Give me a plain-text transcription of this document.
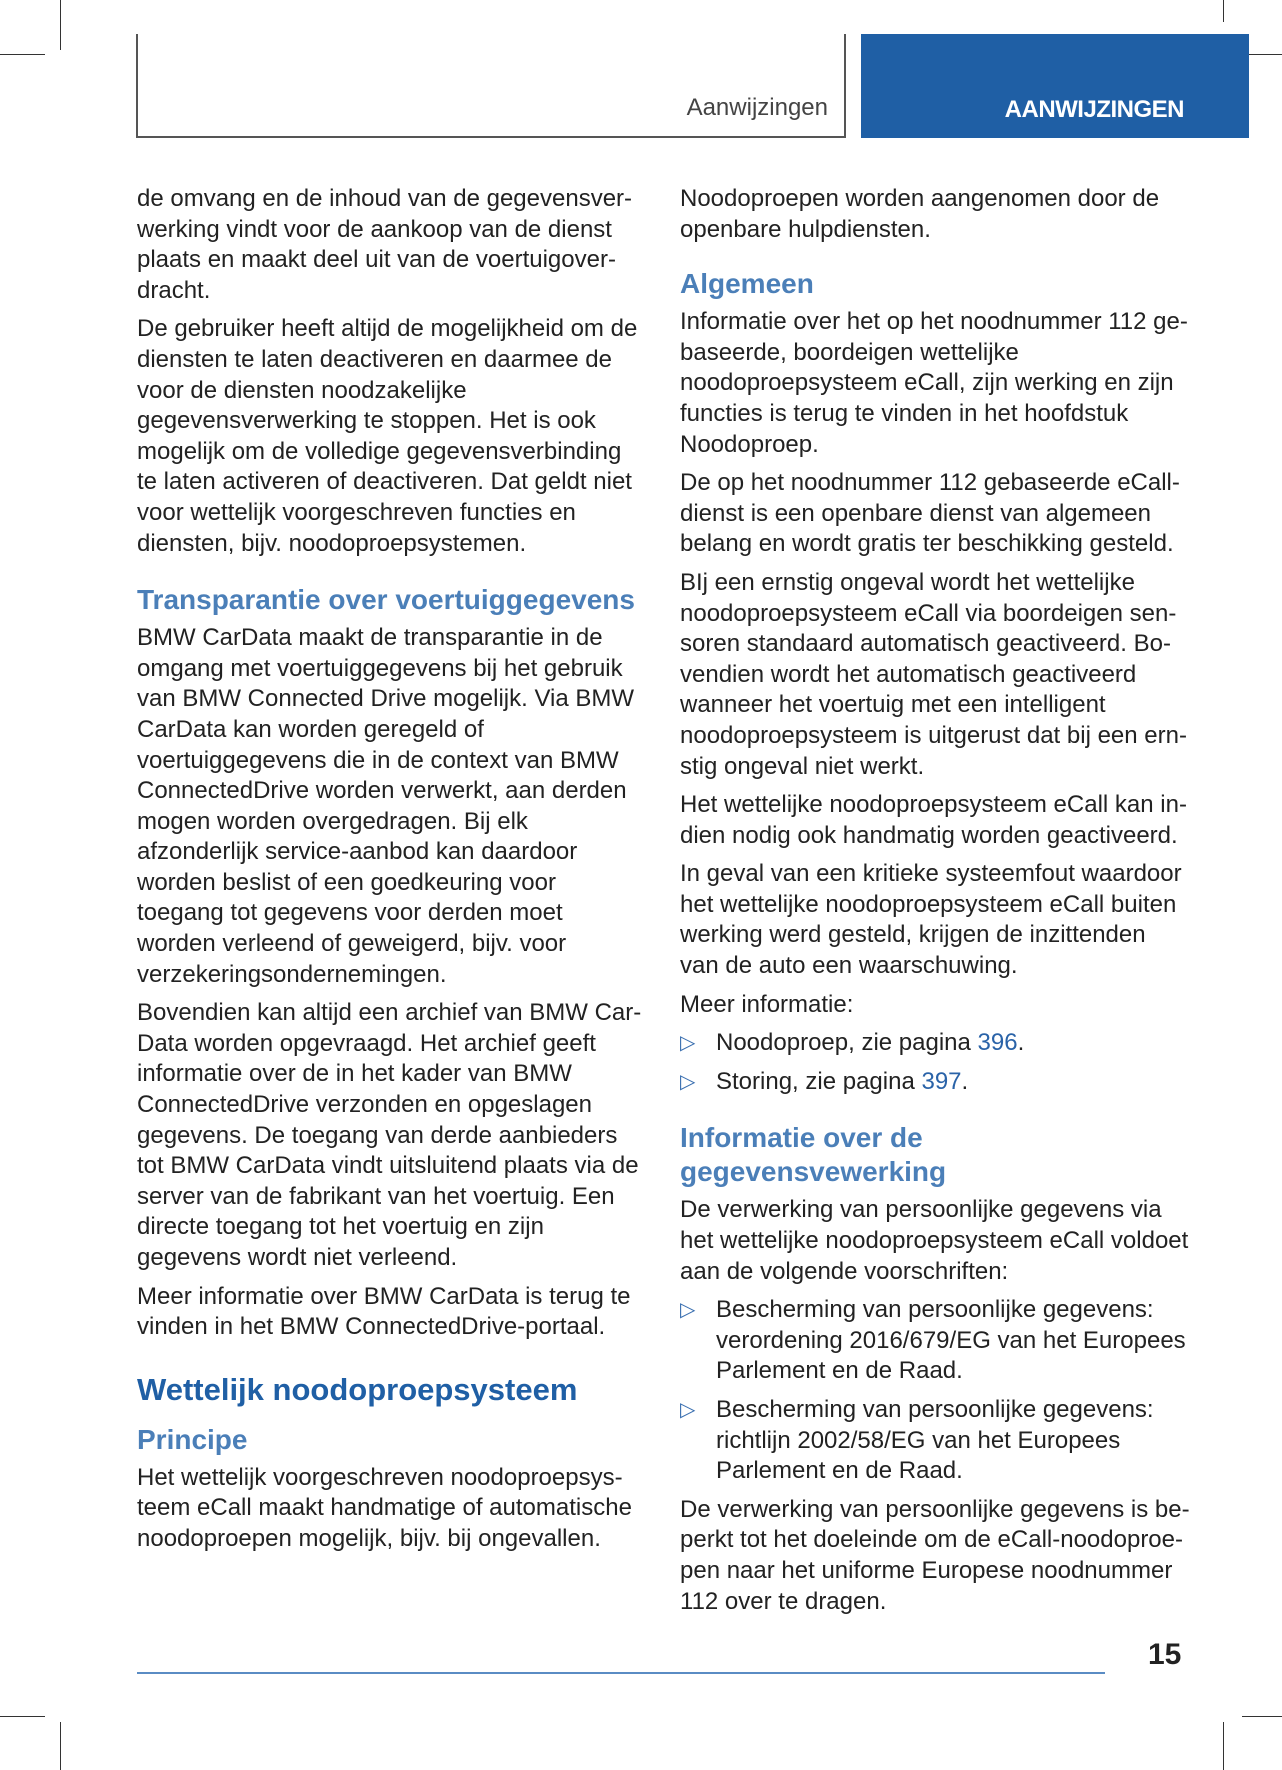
Aanwijzingen	AANWIJZINGEN

de omvang en de inhoud van de gegevensverwerking vindt voor de aankoop van de dienst plaats en maakt deel uit van de voertuigoverdracht.

De gebruiker heeft altijd de mogelijkheid om de diensten te laten deactiveren en daarmee de voor de diensten noodzakelijke gegevensverwerking te stoppen. Het is ook mogelijk om de volledige gegevensverbinding te laten activeren of deactiveren. Dat geldt niet voor wettelijk voorgeschreven functies en diensten, bijv. noodoproepsystemen.

Transparantie over voertuiggegevens

BMW CarData maakt de transparantie in de omgang met voertuiggegevens bij het gebruik van BMW Connected Drive mogelijk. Via BMW CarData kan worden geregeld of voertuiggegevens die in de context van BMW ConnectedDrive worden verwerkt, aan derden mogen worden overgedragen. Bij elk afzonderlijk service-aanbod kan daardoor worden beslist of een goedkeuring voor toegang tot gegevens voor derden moet worden verleend of geweigerd, bijv. voor verzekeringsondernemingen.

Bovendien kan altijd een archief van BMW CarData worden opgevraagd. Het archief geeft informatie over de in het kader van BMW ConnectedDrive verzonden en opgeslagen gegevens. De toegang van derde aanbieders tot BMW CarData vindt uitsluitend plaats via de server van de fabrikant van het voertuig. Een directe toegang tot het voertuig en zijn gegevens wordt niet verleend.

Meer informatie over BMW CarData is terug te vinden in het BMW ConnectedDrive-portaal.

Wettelijk noodoproepsysteem
Principe

Het wettelijk voorgeschreven noodoproepsysteem eCall maakt handmatige of automatische noodoproepen mogelijk, bijv. bij ongevallen.

Noodoproepen worden aangenomen door de openbare hulpdiensten.

Algemeen

Informatie over het op het noodnummer 112 gebaseerde, boordeigen wettelijke noodoproepsysteem eCall, zijn werking en zijn functies is terug te vinden in het hoofdstuk Noodoproep.

De op het noodnummer 112 gebaseerde eCall-dienst is een openbare dienst van algemeen belang en wordt gratis ter beschikking gesteld.

BIj een ernstig ongeval wordt het wettelijke noodoproepsysteem eCall via boordeigen sensoren standaard automatisch geactiveerd. Bovendien wordt het automatisch geactiveerd wanneer het voertuig met een intelligent noodoproepsysteem is uitgerust dat bij een ernstig ongeval niet werkt.

Het wettelijke noodoproepsysteem eCall kan indien nodig ook handmatig worden geactiveerd.

In geval van een kritieke systeemfout waardoor het wettelijke noodoproepsysteem eCall buiten werking werd gesteld, krijgen de inzittenden van de auto een waarschuwing.

Meer informatie:

▷ Noodoproep, zie pagina 396.
▷ Storing, zie pagina 397.
Informatie over de gegevensvewerking

De verwerking van persoonlijke gegevens via het wettelijke noodoproepsysteem eCall voldoet aan de volgende voorschriften:

▷ Bescherming van persoonlijke gegevens: verordening 2016/679/EG van het Europees Parlement en de Raad.
▷ Bescherming van persoonlijke gegevens: richtlijn 2002/58/EG van het Europees Parlement en de Raad.

De verwerking van persoonlijke gegevens is beperkt tot het doeleinde om de eCall-noodoproepen naar het uniforme Europese noodnummer 112 over te dragen.

15
